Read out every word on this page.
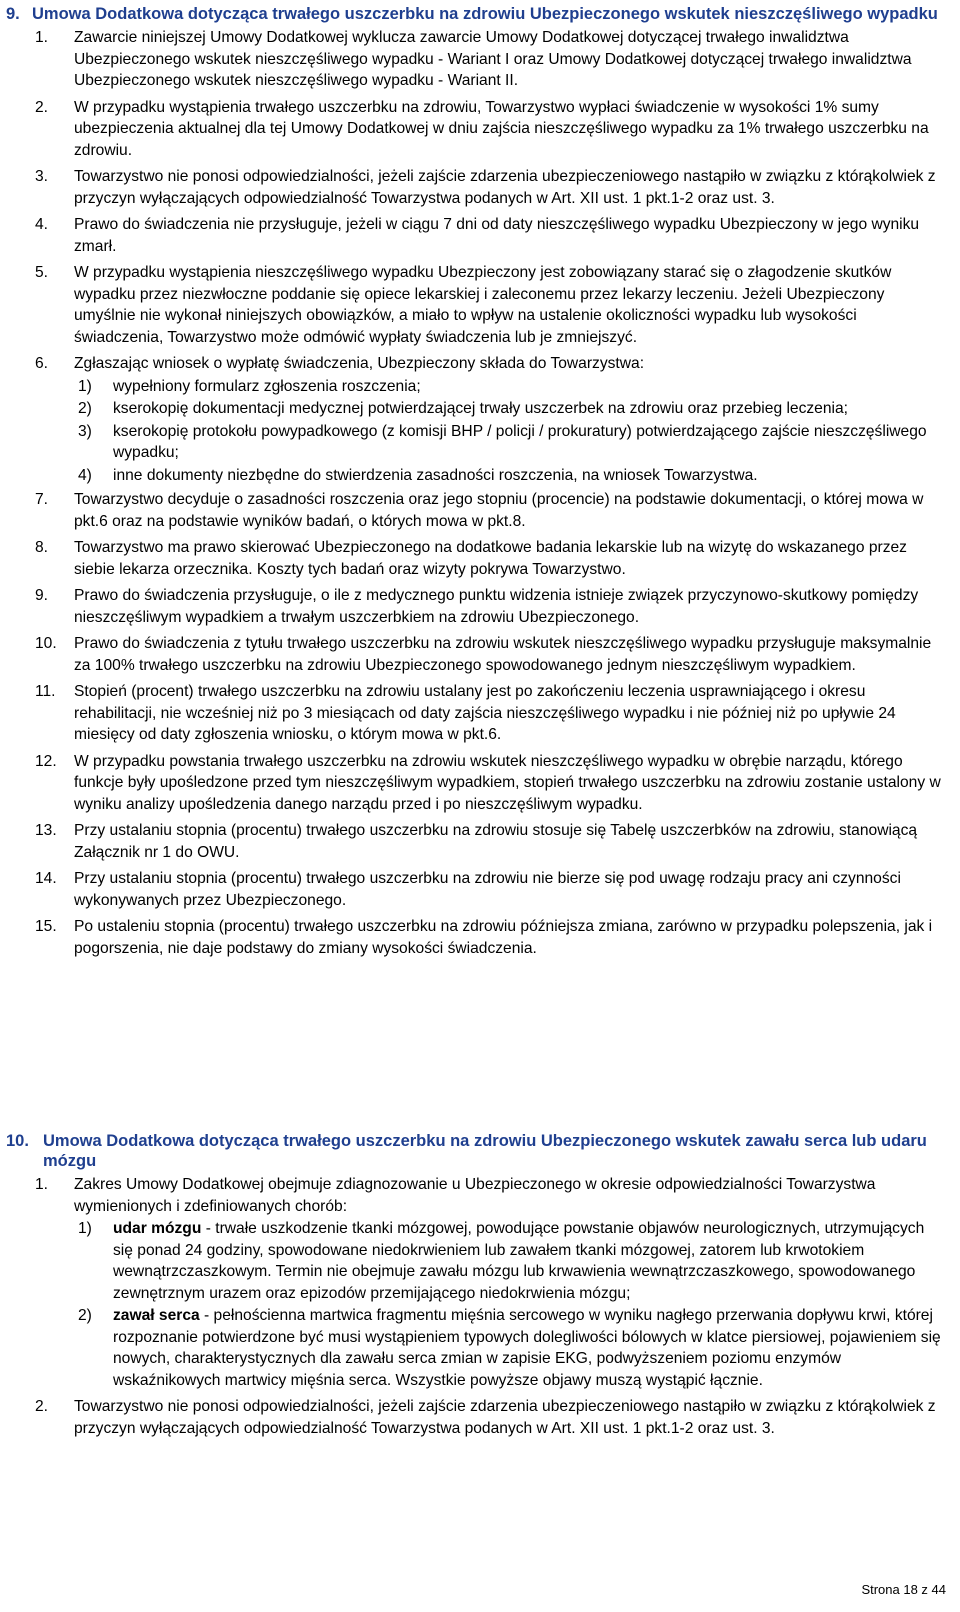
9. Umowa Dodatkowa dotycząca trwałego uszczerbku na zdrowiu Ubezpieczonego wskutek nieszczęśliwego wypadku
1.	Zawarcie niniejszej Umowy Dodatkowej wyklucza zawarcie Umowy Dodatkowej dotyczącej trwałego inwalidztwa Ubezpieczonego wskutek nieszczęśliwego wypadku - Wariant I oraz Umowy Dodatkowej dotyczącej trwałego inwalidztwa Ubezpieczonego wskutek nieszczęśliwego wypadku - Wariant II.
2.	W przypadku wystąpienia trwałego uszczerbku na zdrowiu, Towarzystwo wypłaci świadczenie w wysokości 1% sumy ubezpieczenia aktualnej dla tej Umowy Dodatkowej w dniu zajścia nieszczęśliwego wypadku za 1% trwałego uszczerbku na zdrowiu.
3.	Towarzystwo nie ponosi odpowiedzialności, jeżeli zajście zdarzenia ubezpieczeniowego nastąpiło w związku z którąkolwiek z przyczyn wyłączających odpowiedzialność Towarzystwa podanych w Art. XII ust. 1 pkt.1-2 oraz ust. 3.
4.	Prawo do świadczenia nie przysługuje, jeżeli w ciągu 7 dni od daty nieszczęśliwego wypadku Ubezpieczony w jego wyniku zmarł.
5.	W przypadku wystąpienia nieszczęśliwego wypadku Ubezpieczony jest zobowiązany starać się o złagodzenie skutków wypadku przez niezwłoczne poddanie się opiece lekarskiej i zaleconemu przez lekarzy leczeniu. Jeżeli Ubezpieczony umyślnie nie wykonał niniejszych obowiązków, a miało to wpływ na ustalenie okoliczności wypadku lub wysokości świadczenia, Towarzystwo może odmówić wypłaty świadczenia lub je zmniejszyć.
6.	Zgłaszając wniosek o wypłatę świadczenia, Ubezpieczony składa do Towarzystwa:
1)	wypełniony formularz zgłoszenia roszczenia;
2)	kserokopię dokumentacji medycznej potwierdzającej trwały uszczerbek na zdrowiu oraz przebieg leczenia;
3)	kserokopię protokołu powypadkowego (z komisji BHP / policji / prokuratury) potwierdzającego zajście nieszczęśliwego wypadku;
4)	inne dokumenty niezbędne do stwierdzenia zasadności roszczenia, na wniosek Towarzystwa.
7.	Towarzystwo decyduje o zasadności roszczenia oraz jego stopniu (procencie) na podstawie dokumentacji, o której mowa w pkt.6 oraz na podstawie wyników badań, o których mowa w pkt.8.
8.	Towarzystwo ma prawo skierować Ubezpieczonego na dodatkowe badania lekarskie lub na wizytę do wskazanego przez siebie lekarza orzecznika. Koszty tych badań oraz wizyty pokrywa Towarzystwo.
9.	Prawo do świadczenia przysługuje, o ile z medycznego punktu widzenia istnieje związek przyczynowo-skutkowy pomiędzy nieszczęśliwym wypadkiem a trwałym uszczerbkiem na zdrowiu Ubezpieczonego.
10.	Prawo do świadczenia z tytułu trwałego uszczerbku na zdrowiu wskutek nieszczęśliwego wypadku przysługuje maksymalnie za 100% trwałego uszczerbku na zdrowiu Ubezpieczonego spowodowanego jednym nieszczęśliwym wypadkiem.
11.	Stopień (procent) trwałego uszczerbku na zdrowiu ustalany jest po zakończeniu leczenia usprawniającego i okresu rehabilitacji, nie wcześniej niż po 3 miesiącach od daty zajścia nieszczęśliwego wypadku i nie później niż po upływie 24 miesięcy od daty zgłoszenia wniosku, o którym mowa w pkt.6.
12.	W przypadku powstania trwałego uszczerbku na zdrowiu wskutek nieszczęśliwego wypadku w obrębie narządu, którego funkcje były upośledzone przed tym nieszczęśliwym wypadkiem, stopień trwałego uszczerbku na zdrowiu zostanie ustalony w wyniku analizy upośledzenia danego narządu przed i po nieszczęśliwym wypadku.
13.	Przy ustalaniu stopnia (procentu) trwałego uszczerbku na zdrowiu stosuje się Tabelę uszczerbków na zdrowiu, stanowiącą Załącznik nr 1 do OWU.
14.	Przy ustalaniu stopnia (procentu) trwałego uszczerbku na zdrowiu nie bierze się pod uwagę rodzaju pracy ani czynności wykonywanych przez Ubezpieczonego.
15.	Po ustaleniu stopnia (procentu) trwałego uszczerbku na zdrowiu późniejsza zmiana, zarówno w przypadku polepszenia, jak i pogorszenia, nie daje podstawy do zmiany wysokości świadczenia.
10. Umowa Dodatkowa dotycząca trwałego uszczerbku na zdrowiu Ubezpieczonego wskutek zawału serca lub udaru mózgu
1.	Zakres Umowy Dodatkowej obejmuje zdiagnozowanie u Ubezpieczonego w okresie odpowiedzialności Towarzystwa wymienionych i zdefiniowanych chorób:
1)	udar mózgu - trwałe uszkodzenie tkanki mózgowej, powodujące powstanie objawów neurologicznych, utrzymujących się ponad 24 godziny, spowodowane niedokrwieniem lub zawałem tkanki mózgowej, zatorem lub krwotokiem wewnątrzczaszkowym. Termin nie obejmuje zawału mózgu lub krwawienia wewnątrzczaszkowego, spowodowanego zewnętrznym urazem oraz epizodów przemijającego niedokrwienia mózgu;
2)	zawał serca - pełnościenna martwica fragmentu mięśnia sercowego w wyniku nagłego przerwania dopływu krwi, której rozpoznanie potwierdzone być musi wystąpieniem typowych dolegliwości bólowych w klatce piersiowej, pojawieniem się nowych, charakterystycznych dla zawału serca zmian w zapisie EKG, podwyższeniem poziomu enzymów wskaźnikowych martwicy mięśnia serca. Wszystkie powyższe objawy muszą wystąpić łącznie.
2.	Towarzystwo nie ponosi odpowiedzialności, jeżeli zajście zdarzenia ubezpieczeniowego nastąpiło w związku z którąkolwiek z przyczyn wyłączających odpowiedzialność Towarzystwa podanych w Art. XII ust. 1 pkt.1-2 oraz ust. 3.
Strona 18 z 44
